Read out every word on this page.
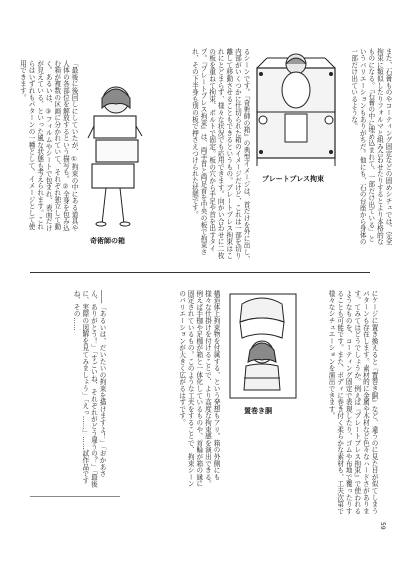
また、石膏ものやコーティング固定などの固めシチュでは、完全拘束に類似したりフォルマと組み合わせたりするとより本格的なものになる。「石膏の中に埋め込まれて、一部だけ出ている」というバリエーションもありがちだ。他にも、石の台座から身体の一部だけ出ているような。
プレートプレス拘束
るシーンです。『奇術師の箱』の典型イメージは、首だけを外に出し、内部がいくつかに仕切られた箱のイメージだけど、これは一部を切り離して移動させることもできるというもの。プレートプレス拘束はこれにとどまらず、様々な状況でも応用できます。向かい合わせに二枚の板を重ねて拘束、ボルトで固定。板の穴から手足や首を出すタイプ。『プレートプレス拘束』は、両手首と両足首を中央の板で拘束され、その下半身も別の板で押さえつけられた状態です。
奇術師の箱
「最後に後回しにしていたが、①拘束の中にある道具や人体の各部位を解放するという描写も。②全身を包み込む箱が複数の区画に分かれていて、それぞれ独立して動く。あるいは、③フィルムやシートで包まれ、表面だけが見えている、といった風な状態も考えられます。これらはいずれもパターンの一種として、イメージとして使用できます。
にケージに置き換えると『置巻き胴』など、違うのに見た目が似てしまうパターンも存在します。素材的に金属や木材など色々なハードさがあります。てみてはどうでしょうか。例えば『プレートプレス拘束』で使われるようなものを、コーティング固定で表現したり、ゴムや布地で覆ったりすることも可能です。また、ボディに巻き付く柔らかな素材も、工夫次第で様々なシチュエーションを演出できます。
置巻き胴
構造体上拘束物を付属する、という発想もアリ。箱の外側にも様々な仕掛けを付けることで、より高度な拘束感を演出できる。例えば手枷や足枷が箱と一体化しているものや、首輪が箱の縁に固定されているもの。このような工夫をすることで、拘束シーンのバリエーションが大きく広がるはずです。
――「あるいは、だいたいの拘束を描けますよ！」「おかあさん、ありがとう！」「すごいね、それぞれがどう違うの？」「最後に、実際の図解を見てみましょう」「えっ……」……試作品ですね、その……
59
